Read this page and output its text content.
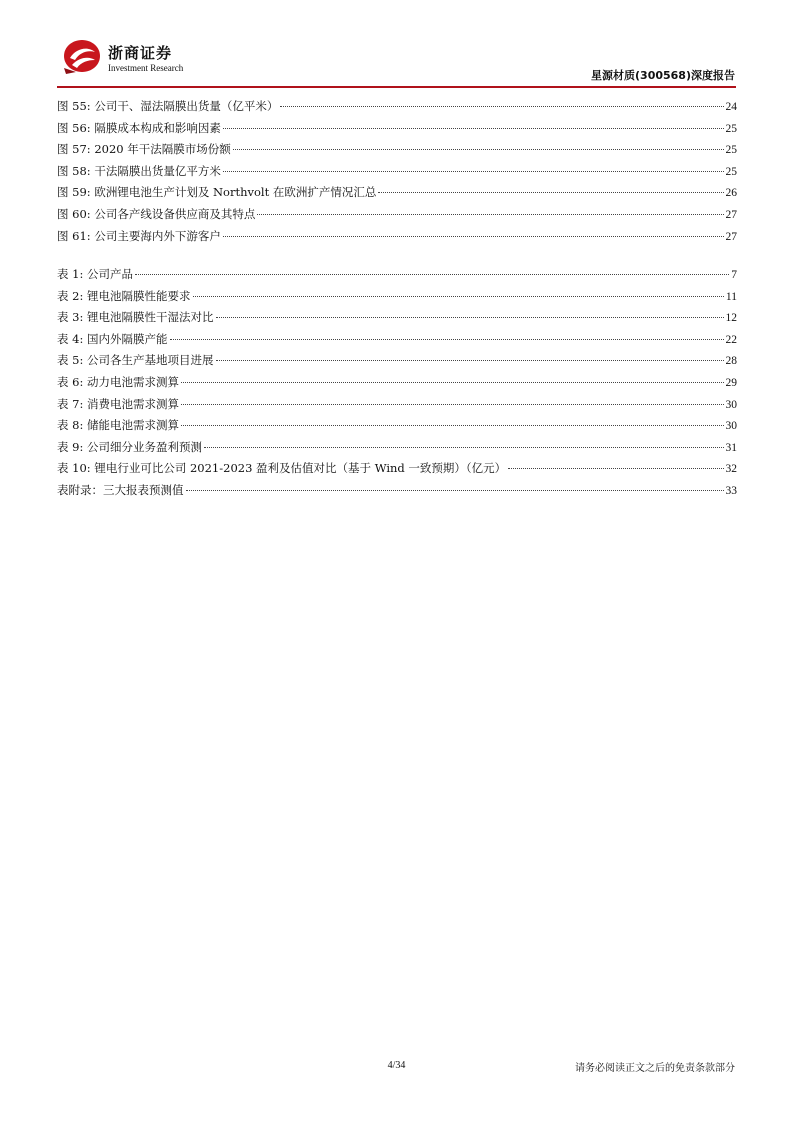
浙商证券
Investment Research
星源材质(300568)深度报告
图 55: 公司干、湿法隔膜出货量（亿平米）	24
图 56: 隔膜成本构成和影响因素	25
图 57: 2020 年干法隔膜市场份额	25
图 58: 干法隔膜出货量亿平方米	25
图 59: 欧洲锂电池生产计划及 Northvolt 在欧洲扩产情况汇总	26
图 60: 公司各产线设备供应商及其特点	27
图 61: 公司主要海内外下游客户	27
表 1: 公司产品	7
表 2: 锂电池隔膜性能要求	11
表 3: 锂电池隔膜性干湿法对比	12
表 4: 国内外隔膜产能	22
表 5: 公司各生产基地项目进展	28
表 6: 动力电池需求测算	29
表 7: 消费电池需求测算	30
表 8: 储能电池需求测算	30
表 9: 公司细分业务盈利预测	31
表 10: 锂电行业可比公司 2021-2023 盈利及估值对比（基于 Wind 一致预期）（亿元）	32
表附录：三大报表预测值	33
4/34	请务必阅读正文之后的免责条款部分
